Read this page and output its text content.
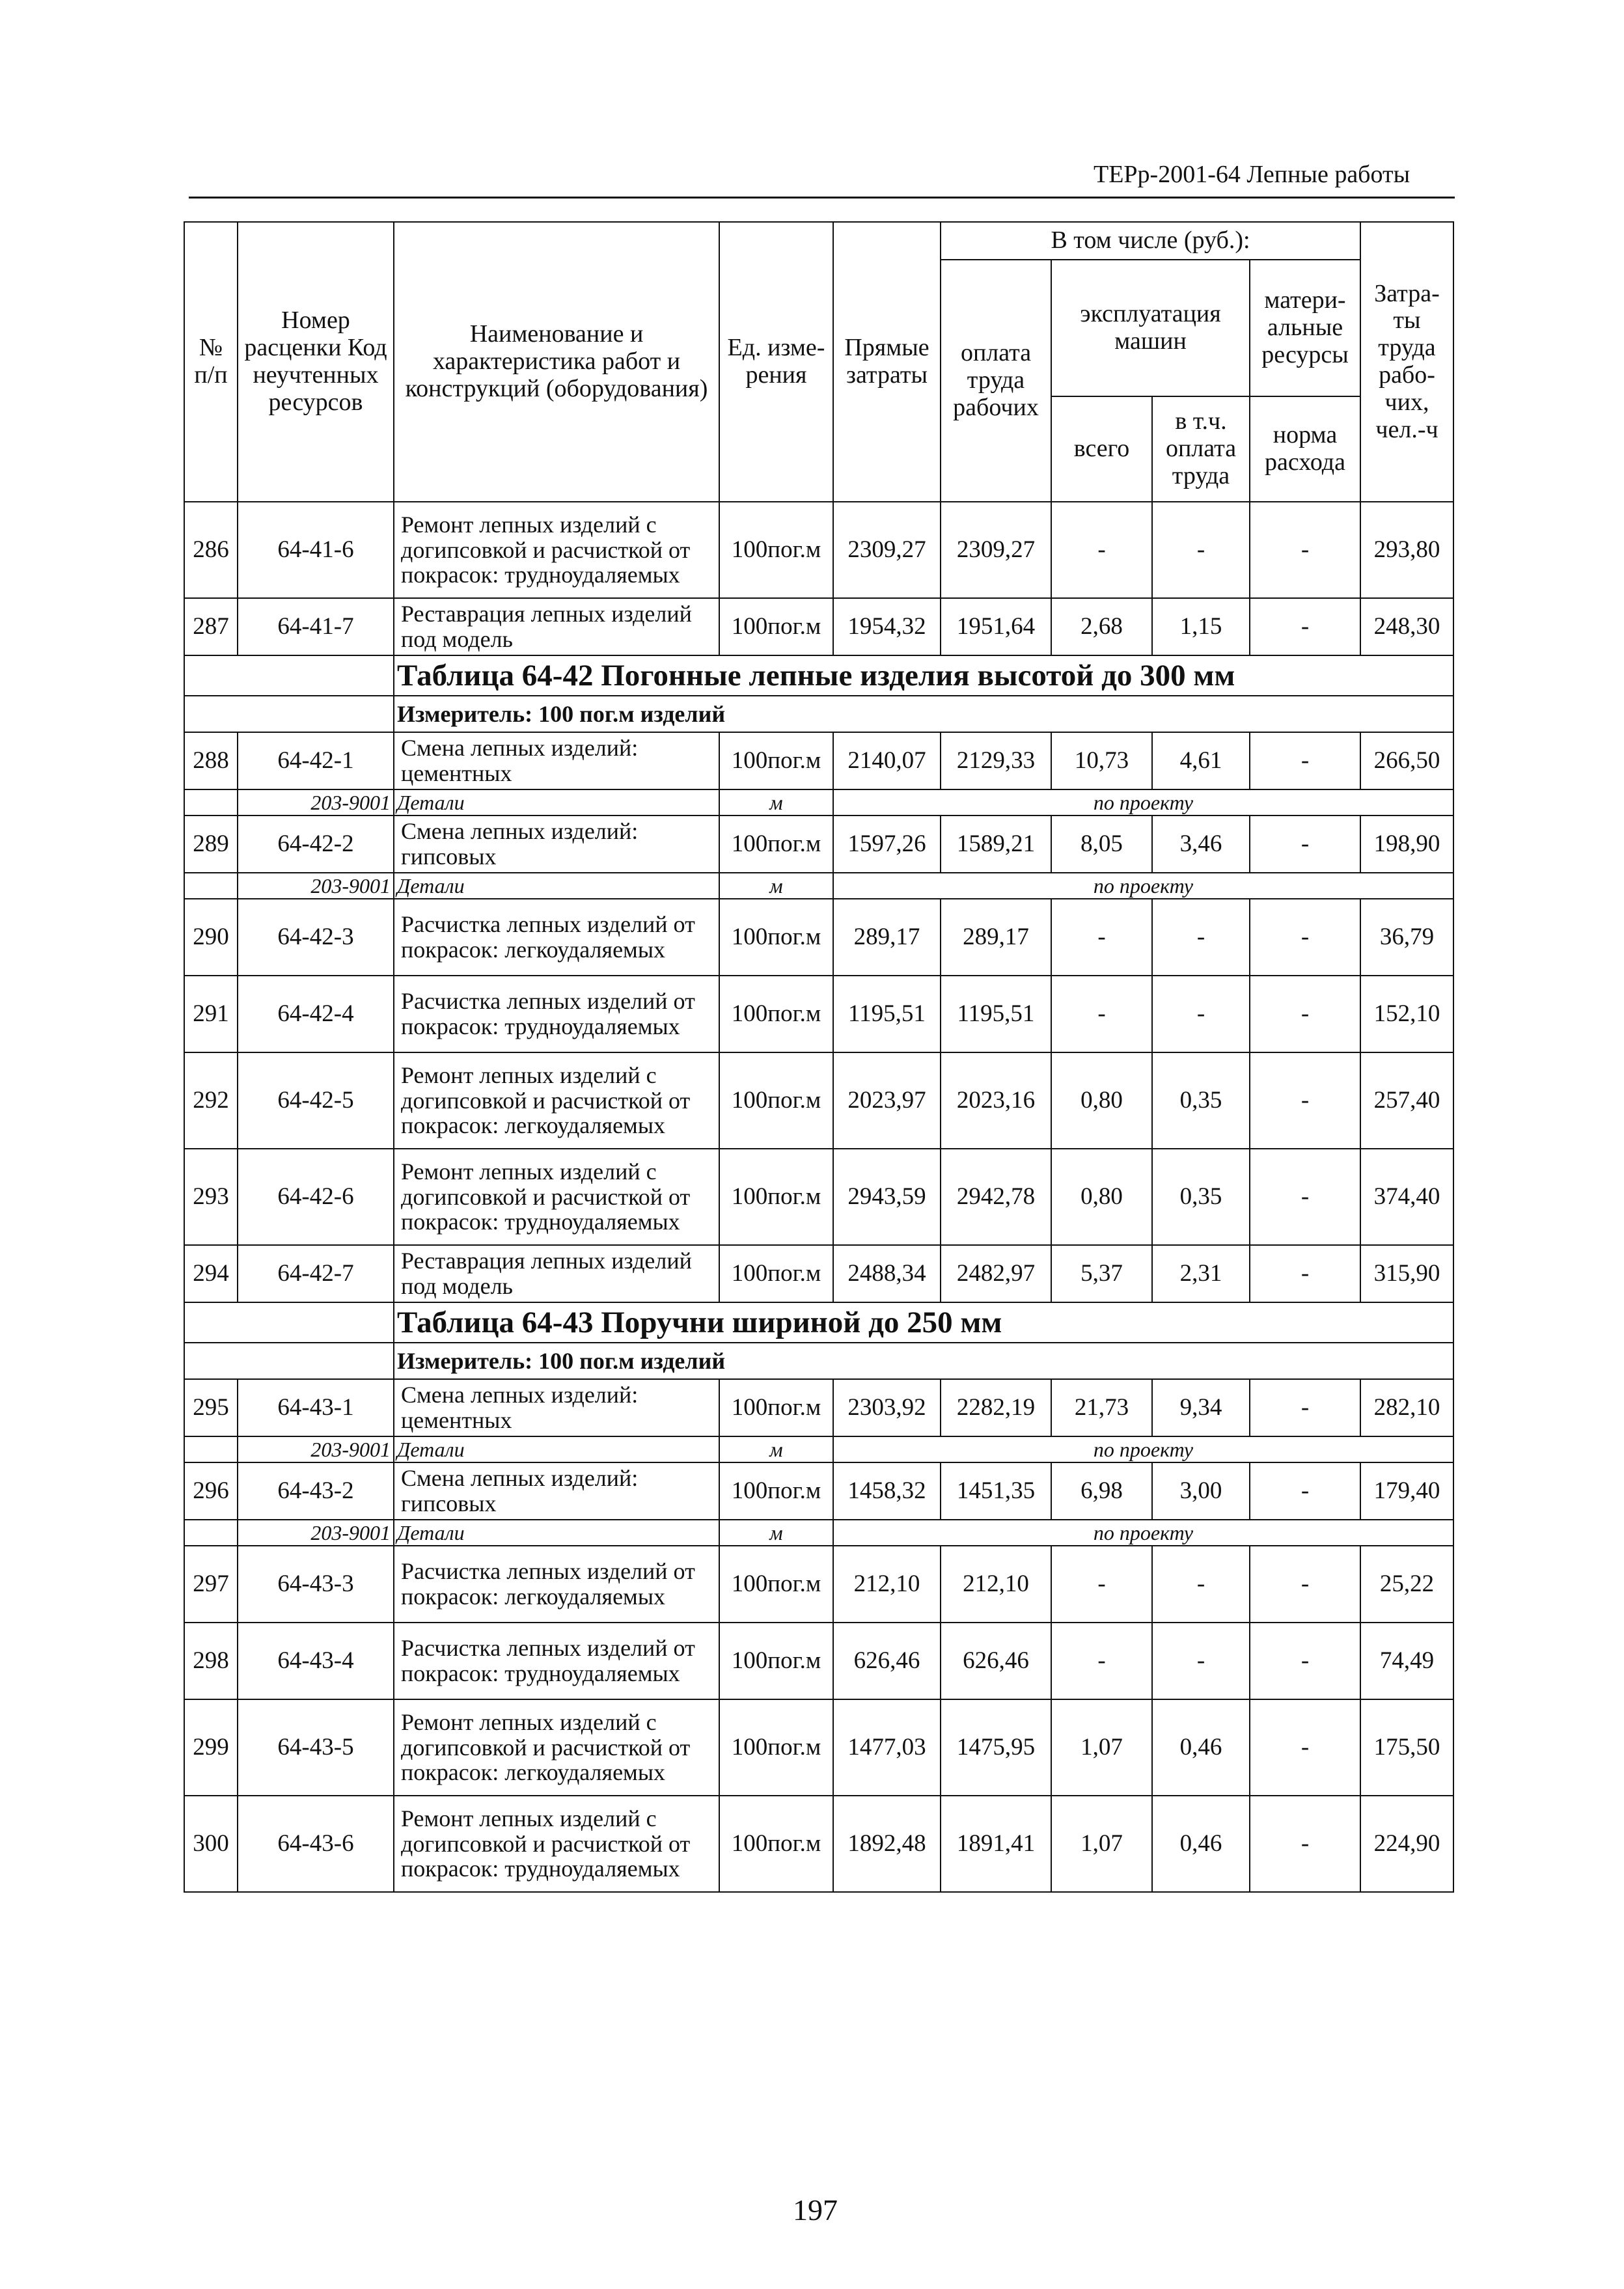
ТЕРр-2001-64 Лепные работы
№ п/п	Номер расценки Код неучтенных ресурсов	Наименование и характеристика работ и конструкций (оборудования)	Ед. изме-рения	Прямые затраты	В том числе (руб.):				Затра-ты труда рабо-чих, чел.-ч
					оплата труда рабочих	эксплуатация машин		матери-альные ресурсы	
						всего	в т.ч. оплата труда	норма расхода	
286	64-41-6	Ремонт лепных изделий с догипсовкой и расчисткой от покрасок: трудноудаляемых	100пог.м	2309,27	2309,27	-	-	-	293,80
287	64-41-7	Реставрация лепных изделий под модель	100пог.м	1954,32	1951,64	2,68	1,15	-	248,30
		Таблица 64-42 Погонные лепные изделия высотой до 300 мм							
		Измеритель: 100 пог.м изделий							
288	64-42-1	Смена лепных изделий: цементных	100пог.м	2140,07	2129,33	10,73	4,61	-	266,50
	203-9001	Детали	м	по проекту					
289	64-42-2	Смена лепных изделий: гипсовых	100пог.м	1597,26	1589,21	8,05	3,46	-	198,90
	203-9001	Детали	м	по проекту					
290	64-42-3	Расчистка лепных изделий от покрасок: легкоудаляемых	100пог.м	289,17	289,17	-	-	-	36,79
291	64-42-4	Расчистка лепных изделий от покрасок: трудноудаляемых	100пог.м	1195,51	1195,51	-	-	-	152,10
292	64-42-5	Ремонт лепных изделий с догипсовкой и расчисткой от покрасок: легкоудаляемых	100пог.м	2023,97	2023,16	0,80	0,35	-	257,40
293	64-42-6	Ремонт лепных изделий с догипсовкой и расчисткой от покрасок: трудноудаляемых	100пог.м	2943,59	2942,78	0,80	0,35	-	374,40
294	64-42-7	Реставрация лепных изделий под модель	100пог.м	2488,34	2482,97	5,37	2,31	-	315,90
		Таблица 64-43 Поручни шириной до 250 мм							
		Измеритель: 100 пог.м изделий							
295	64-43-1	Смена лепных изделий: цементных	100пог.м	2303,92	2282,19	21,73	9,34	-	282,10
	203-9001	Детали	м	по проекту					
296	64-43-2	Смена лепных изделий: гипсовых	100пог.м	1458,32	1451,35	6,98	3,00	-	179,40
	203-9001	Детали	м	по проекту					
297	64-43-3	Расчистка лепных изделий от покрасок: легкоудаляемых	100пог.м	212,10	212,10	-	-	-	25,22
298	64-43-4	Расчистка лепных изделий от покрасок: трудноудаляемых	100пог.м	626,46	626,46	-	-	-	74,49
299	64-43-5	Ремонт лепных изделий с догипсовкой и расчисткой от покрасок: легкоудаляемых	100пог.м	1477,03	1475,95	1,07	0,46	-	175,50
300	64-43-6	Ремонт лепных изделий с догипсовкой и расчисткой от покрасок: трудноудаляемых	100пог.м	1892,48	1891,41	1,07	0,46	-	224,90
197
